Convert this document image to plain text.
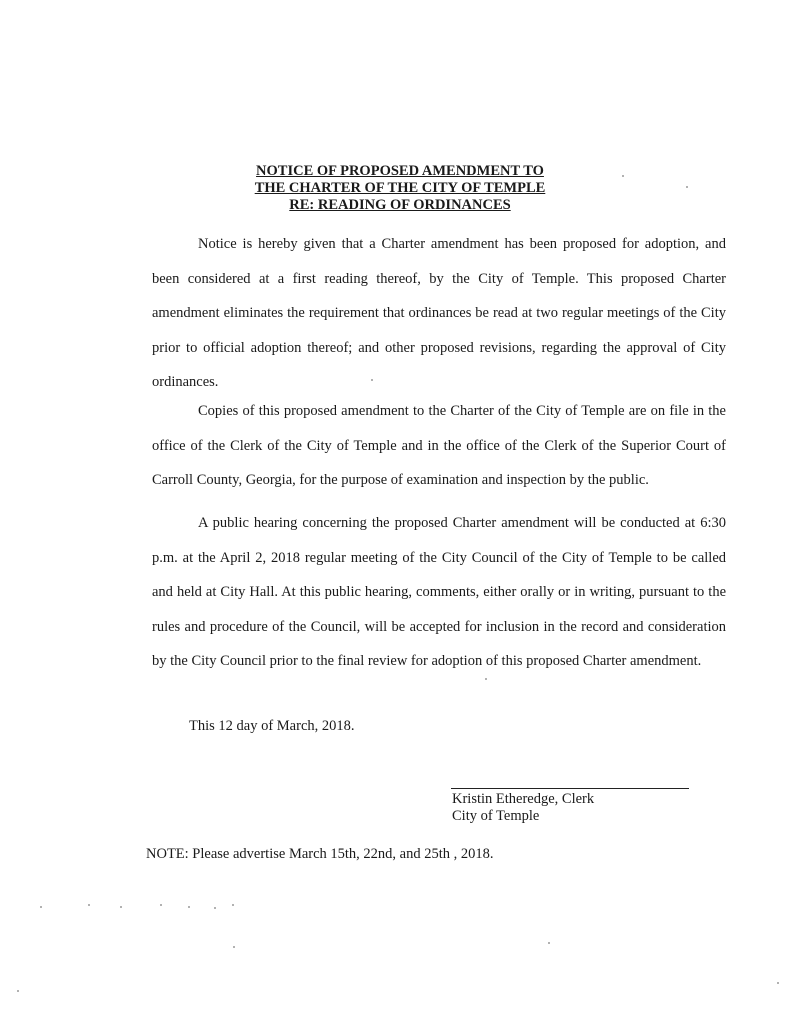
NOTICE OF PROPOSED AMENDMENT TO
THE CHARTER OF THE CITY OF TEMPLE
RE: READING OF ORDINANCES

Notice is hereby given that a Charter amendment has been proposed for adoption, and been considered at a first reading thereof, by the City of Temple. This proposed Charter amendment eliminates the requirement that ordinances be read at two regular meetings of the City prior to official adoption thereof; and other proposed revisions, regarding the approval of City ordinances.

Copies of this proposed amendment to the Charter of the City of Temple are on file in the office of the Clerk of the City of Temple and in the office of the Clerk of the Superior Court of Carroll County, Georgia, for the purpose of examination and inspection by the public.

A public hearing concerning the proposed Charter amendment will be conducted at 6:30 p.m. at the April 2, 2018 regular meeting of the City Council of the City of Temple to be called and held at City Hall. At this public hearing, comments, either orally or in writing, pursuant to the rules and procedure of the Council, will be accepted for inclusion in the record and consideration by the City Council prior to the final review for adoption of this proposed Charter amendment.

This 12 day of March, 2018.
Kristin Etheredge, Clerk
City of Temple
NOTE: Please advertise March 15th, 22nd, and 25th , 2018.
